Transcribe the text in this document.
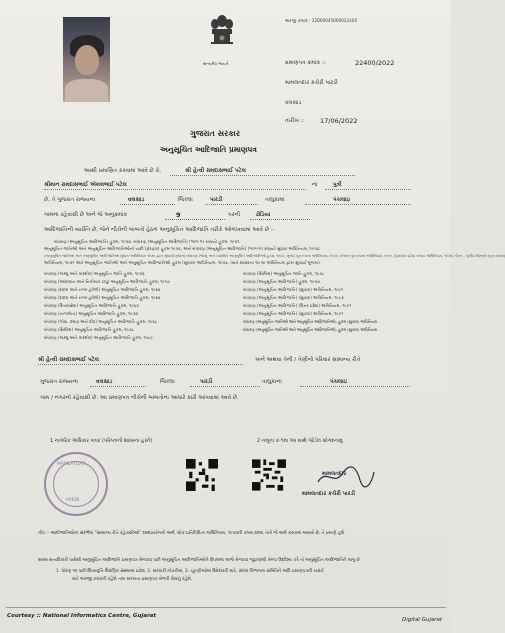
સત્યમેવ જયતે
અરજી ક્રમાંક : 22000045000022400
પ્રમાણપત્ર ક્રમાંક ::	22400/2022
મામલતદાર કચેરી પારડી
વલસાડ
તારીખ :: 17/06/2022
ગુજરાત સરકાર
અનુસૂચિત આદિજાતિ પ્રમાણપત્ર
આથી પ્રમાણિત કરવામાં આવે છે કે,	શ્રી હેત્વી રામદાસભાઈ પટેલ
શ્રીમાન રામદાસભાઈ એમલભાઈ પટેલ	ના	પુત્રી
છે, તે ગુજરાત રાજ્યના	વલસાડ	જિલ્લા	પારડી	તાલુકામાં	પંચલાઇ
ગામના રહેવાસી છે અને જે અનુક્રમાંક	9	પરની	ઢોડિયા
આદિજાતિની વ્યક્તિ છે, જેને નીચેની બાબતો હેઠળ અનુસૂચિત આદિજાતિ તરીકે ઓળખવામાં આવે છે :-
બંધારણ (અનુસૂચિત આદિજાતિ) હુકમ, ૧૯૫૦. બંધારણ (અનુસૂચિત આદિજાતિ) (ભાગ-ગ) રાજ્યો હુકમ, ૧૯૫૧.
અનુસૂચિત જાતિઓ અને અનુસૂચિત આદિજાતિઓની યાદી (ફેરફાર) હુકમ ૧૯૫૬, અને બંધારણ (અનુસૂચિત આદિજાતિ) (ભાગ-ગ) રાજ્યો સુધારા અધિનિયમ, ૧૯૫૬.
(અનુસૂચિત જાતિઓ અને અનુસૂચિત આદિજાતિઓ સુધારા અધિનિયમ ૧૯૭૬ દ્વારા સુધાર્યા મુજબ) બંધારણ (જમ્મુ અને કાશ્મીર) અનુસૂચિત આદિજાતિઓ હુકમ, ૧૯૮૯, મુંબઈ પુનઃરચના અધિનિયમ, ૧૯૬૦, પંજાબ પુનઃરચના અધિનિયમ, ૧૯૬૬, હિમાચલ પ્રદેશ રાજ્ય અધિનિયમ, ૧૯૭૦, ઉત્તર - પૂર્વીય વિસ્તારો (પુનઃરચના)
અધિનિયમ, ૧૯૭૧ અને અનુસૂચિત જાતિઓ અને અનુસૂચિત આદિજાતિઓ હુકમ (સુધારા) અધિનિયમ, ૧૯૭૬. (સને ૨૦૦૨ના ૧૦ મા અધિનિયમ દ્વારા સુધાર્યા મુજબ)
બંધારણ (જમ્મુ અને કાશ્મીર) અનુસૂચિત જાતિ હુકમ, ૧૯૫૬
બંધારણ (આંદામાન અને નિકોબાર ટાપુ) અનુસૂચિત આદિજાતિ હુકમ, ૧૯૫૯
બંધારણ (દાદરા અને નગર હવેલી) અનુસૂચિત આદિજાતિ હુકમ, ૧૯૬૨
બંધારણ (દાદરા અને નગર હવેલી) અનુસૂચિત આદિજાતિ હુકમ, ૧૯૬૨
બંધારણ (ઉત્તરપ્રદેશ) અનુસૂચિત આદિજાતિ હુકમ, ૧૯૬૭
બંધારણ (નાગાલેન્ડ) અનુસૂચિત આદિજાતિ હુકમ, ૧૯૭૦
બંધારણ (ગોવા, દમણ અને દીવ) અનુસૂચિત આદિજાતિ હુકમ, ૧૯૬૮
બંધારણ (સિક્કિમ) અનુસૂચિત આદિજાતિ હુકમ, ૧૯૭૮
બંધારણ (જમ્મુ અને કાશ્મીર) અનુસૂચિત આદિજાતિ હુકમ, ૧૯૮૯
બંધારણ (સિક્કિમ) અનુસૂચિત જાતિ હુકમ, ૧૯૭૮
બંધારણ (અનુસૂચિત આદિજાતિ) હુકમ, ૧૯૫૦
બંધારણ (અનુસૂચિત આદિજાતિ) (સુધારા) અધિનિયમ, ૧૯૮૧
બંધારણ (અનુસૂચિત આદિજાતિ) (સુધારા) અધિનિયમ, ૧૯૮૭
બંધારણ (અનુસૂચિત આદિજાતિ) (ઉત્તર પ્રદેશ) અધિનિયમ, ૧૯૯૧
બંધારણ (અનુસૂચિત આદિજાતિ) (સુધારા) અધિનિયમ, ૧૯૯૧
બંધારણ (અનુસૂચિત જાતિઓ અને અનુસૂચિત આદિજાતિઓ) હુકમ (સુધારા) અધિનિયમ
બંધારણ (અનુસૂચિત જાતિઓ અને અનુસૂચિત આદિજાતિઓ) હુકમ (સુધારા) અધિનિયમ
શ્રી હેત્વી રામદાસભાઈ પટેલ	અને અથવા તેની / તેણીનો પરિવાર સામાન્ય રીતે
ગુજરાત રાજ્યના	વલસાડ	જિલ્લા	પારડી	તાલુકાના	પંચલાઇ
ગામ / નગરનો રહેવાસી છે. આ પ્રમાણપત્ર નીચેની બાબતોના આધારે કાઢી આપવામાં આવે છે.
1 નાગરિક અધિકાર પત્રક (પરિપત્રની શાખાના હસ્તે)	2 નમૂના ક-૧મા આ સાથે જોડેલ સોગંદનામુ
MAMLATDAR
PARDI
મામલતદાર
મામલતદાર કચેરી પારડી
નોંધ :- આદીજાતિઓના સંદર્ભમાં "સામાન્ય રીતે રહેવાસીઓ" શબ્દપ્રયોગનો અર્થ, લોક-પ્રતિનિધિત્વ અધિનિયમ, ૧૯૫૦ની કલમ ૨૦માં તેનો જે અર્થ કરવામાં આવ્યો છે, તે પ્રમાણે હશે.
સક્ષમ સત્તાધિકારી પાસેથી અનુસૂચિત આદિજાતિ પ્રમાણપત્ર મેળવવા પછી અનુસૂચિત આદિજાતિઓને ઉપલબ્ધ લાભો મેળવવા જૂઠાણાંથી મેળવ ઉદ્દેશ્ય કરે તો અનુસૂચિત આદિજાતિને લાગુ છે
1. ધોરણ ૧૦ પછી શિષ્યવૃત્તિ શૈક્ષણિક સંસ્થામાં પ્રવેશ, 2. સરકારી નોકરીમાં, 3. ચૂંટણીઓમાં ઉમેદવારી માટે, સંબંધ વિભાગના સમિતિને અધિ પ્રમાણપત્રની ખરાઈ
માટે અરજી કરવાની રહેશે તથા માન્યતા પ્રમાણપત્ર મેળવી લેવાનું રહેશે.
Courtesy :: National Informatics Centre, Gujarat
Digital Gujarat
